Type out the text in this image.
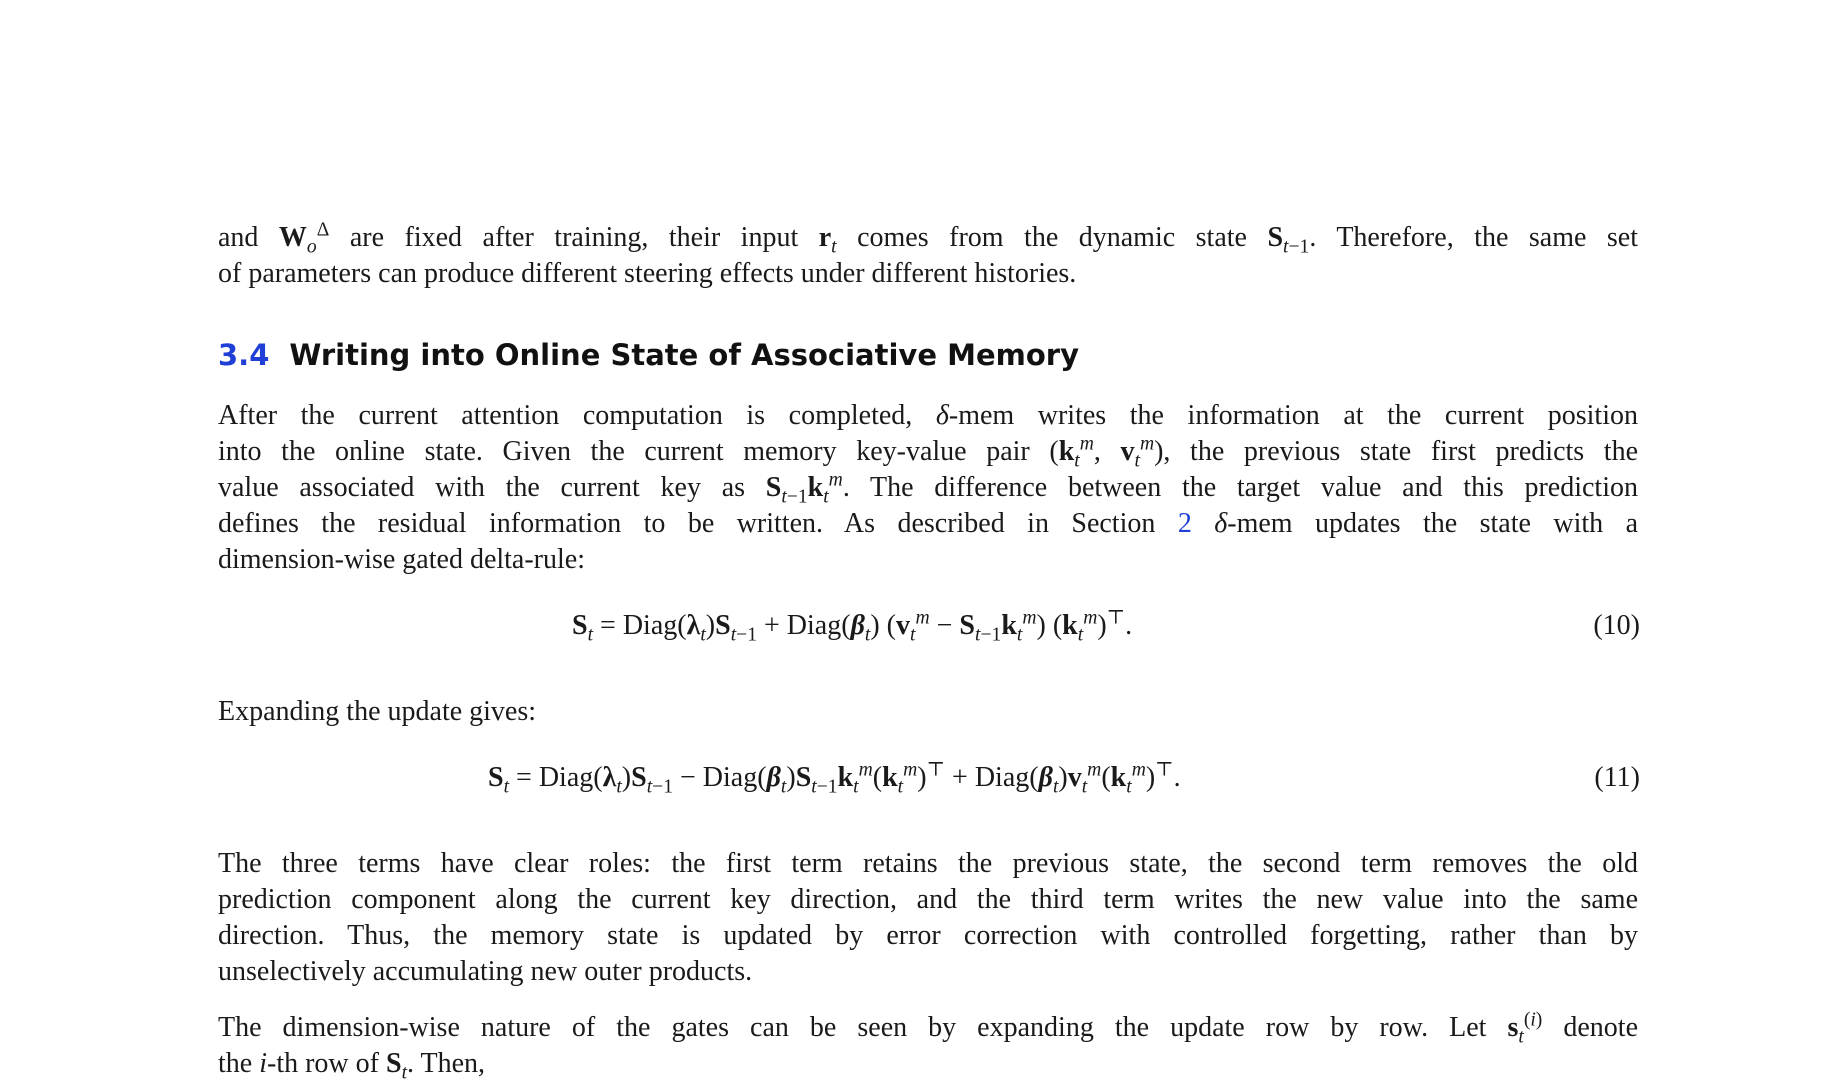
and $W_o^\Delta$ are fixed after training, their input $r_t$ comes from the dynamic state $S_{t-1}$. Therefore, the same set
of parameters can produce different steering effects under different histories.
3.4 Writing into Online State of Associative Memory
After the current attention computation is completed, δ-mem writes the information at the current position
into the online state. Given the current memory key-value pair ($k_t^m$, $v_t^m$), the previous state first predicts the
value associated with the current key as $S_{t-1}k_t^m$. The difference between the target value and this prediction
defines the residual information to be written. As described in Section 2 δ-mem updates the state with a
dimension-wise gated delta-rule:
$S_t$ = $Diag(\lambda_t)S_{t-1}$ + $Diag(\beta_t) (v_t^m - S_{t-1}k_t^m)$ $(k_t^m)^⊤$.	(10)
Expanding the update gives:
$S_t$ = $Diag(\lambda_t)S_{t-1}$ − $Diag(\beta_t)S_{t-1}k_t^m(k_t^m)^⊤$ + $Diag(\beta_t)v_t^m(k_t^m)^⊤$.	(11)
The three terms have clear roles: the first term retains the previous state, the second term removes the old
prediction component along the current key direction, and the third term writes the new value into the same
direction. Thus, the memory state is updated by error correction with controlled forgetting, rather than by
unselectively accumulating new outer products.
The dimension-wise nature of the gates can be seen by expanding the update row by row. Let $s_t^{(i)}$ denote
the i-th row of $S_t$. Then,
